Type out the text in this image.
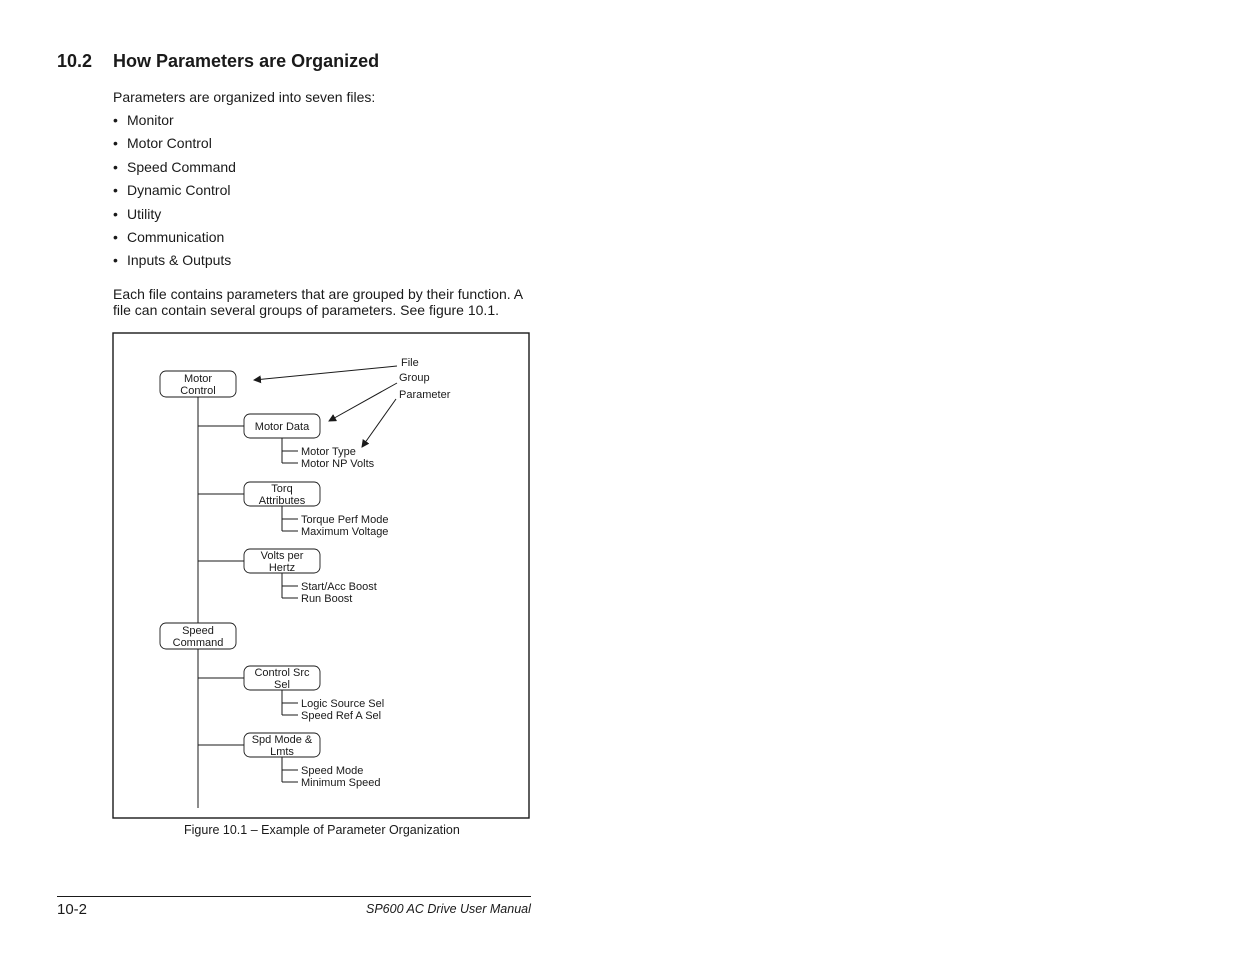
10.2 How Parameters are Organized

Parameters are organized into seven files:

• Monitor
• Motor Control
• Speed Command
• Dynamic Control
• Utility
• Communication
• Inputs & Outputs

Each file contains parameters that are grouped by their function. A
file can contain several groups of parameters. See figure 10.1.

File
Group
Parameter
Motor
Control
Motor Data
Motor Type
Motor NP Volts
Torq
Attributes
Torque Perf Mode
Maximum Voltage
Volts per
Hertz
Start/Acc Boost
Run Boost
Speed
Command
Control Src
Sel
Logic Source Sel
Speed Ref A Sel
Spd Mode &
Lmts
Speed Mode
Minimum Speed
Figure 10.1 – Example of Parameter Organization
10-2	SP600 AC Drive User Manual
